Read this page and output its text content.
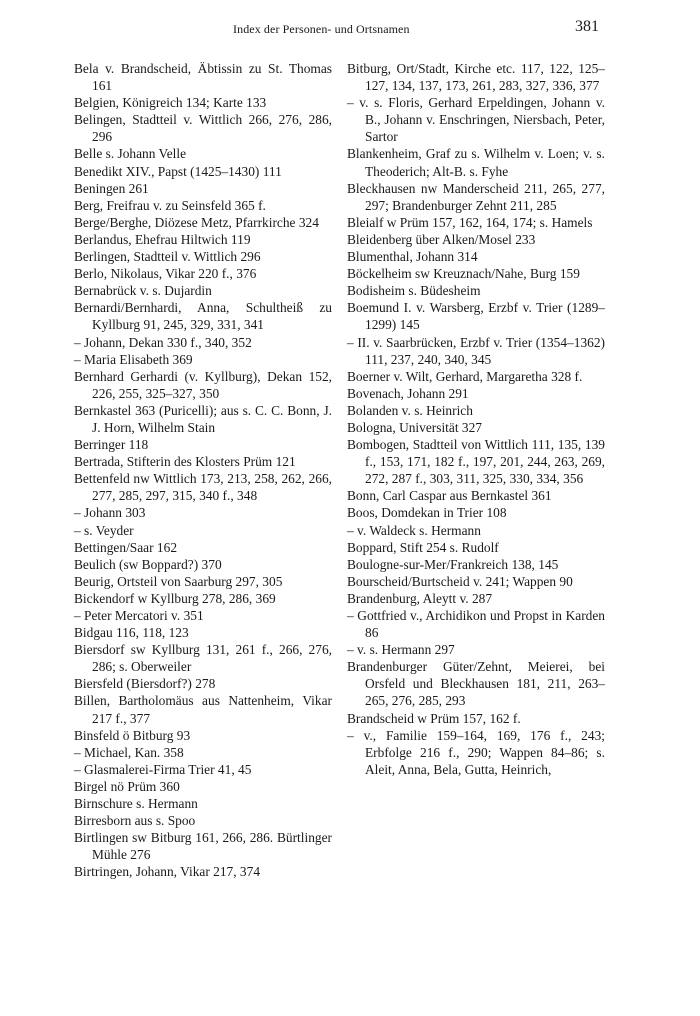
Index der Personen- und Ortsnamen	381

Bela v. Brandscheid, Äbtissin zu St. Thomas 161

Belgien, Königreich 134; Karte 133

Belingen, Stadtteil v. Wittlich 266, 276, 286, 296

Belle s. Johann Velle

Benedikt XIV., Papst (1425–1430) 111

Beningen 261

Berg, Freifrau v. zu Seinsfeld 365 f.

Berge/Berghe, Diözese Metz, Pfarrkirche 324

Berlandus, Ehefrau Hiltwich 119

Berlingen, Stadtteil v. Wittlich 296

Berlo, Nikolaus, Vikar 220 f., 376

Bernabrück v. s. Dujardin

Bernardi/Bernhardi, Anna, Schultheiß zu Kyllburg 91, 245, 329, 331, 341

– Johann, Dekan 330 f., 340, 352

– Maria Elisabeth 369

Bernhard Gerhardi (v. Kyllburg), Dekan 152, 226, 255, 325–327, 350

Bernkastel 363 (Puricelli); aus s. C. C. Bonn, J. J. Horn, Wilhelm Stain

Berringer 118

Bertrada, Stifterin des Klosters Prüm 121

Bettenfeld nw Wittlich 173, 213, 258, 262, 266, 277, 285, 297, 315, 340 f., 348

– Johann 303

– s. Veyder

Bettingen/Saar 162

Beulich (sw Boppard?) 370

Beurig, Ortsteil von Saarburg 297, 305

Bickendorf w Kyllburg 278, 286, 369

– Peter Mercatori v. 351

Bidgau 116, 118, 123

Biersdorf sw Kyllburg 131, 261 f., 266, 276, 286; s. Oberweiler

Biersfeld (Biersdorf?) 278

Billen, Bartholomäus aus Nattenheim, Vikar 217 f., 377

Binsfeld ö Bitburg 93

– Michael, Kan. 358

– Glasmalerei-Firma Trier 41, 45

Birgel nö Prüm 360

Birnschure s. Hermann

Birresborn aus s. Spoo

Birtlingen sw Bitburg 161, 266, 286. Bürtlinger Mühle 276

Birtringen, Johann, Vikar 217, 374

Bitburg, Ort/Stadt, Kirche etc. 117, 122, 125–127, 134, 137, 173, 261, 283, 327, 336, 377

– v. s. Floris, Gerhard Erpeldingen, Johann v. B., Johann v. Enschringen, Niersbach, Peter, Sartor

Blankenheim, Graf zu s. Wilhelm v. Loen; v. s. Theoderich; Alt-B. s. Fyhe

Bleckhausen nw Manderscheid 211, 265, 277, 297; Brandenburger Zehnt 211, 285

Bleialf w Prüm 157, 162, 164, 174; s. Hamels

Bleidenberg über Alken/Mosel 233

Blumenthal, Johann 314

Böckelheim sw Kreuznach/Nahe, Burg 159

Bodisheim s. Büdesheim

Boemund I. v. Warsberg, Erzbf v. Trier (1289–1299) 145

– II. v. Saarbrücken, Erzbf v. Trier (1354–1362) 111, 237, 240, 340, 345

Boerner v. Wilt, Gerhard, Margaretha 328 f.

Bovenach, Johann 291

Bolanden v. s. Heinrich

Bologna, Universität 327

Bombogen, Stadtteil von Wittlich 111, 135, 139 f., 153, 171, 182 f., 197, 201, 244, 263, 269, 272, 287 f., 303, 311, 325, 330, 334, 356

Bonn, Carl Caspar aus Bernkastel 361

Boos, Domdekan in Trier 108

– v. Waldeck s. Hermann

Boppard, Stift 254 s. Rudolf

Boulogne-sur-Mer/Frankreich 138, 145

Bourscheid/Burtscheid v. 241; Wappen 90

Brandenburg, Aleytt v. 287

– Gottfried v., Archidikon und Propst in Karden 86

– v. s. Hermann 297

Brandenburger Güter/Zehnt, Meierei, bei Orsfeld und Bleckhausen 181, 211, 263–265, 276, 285, 293

Brandscheid w Prüm 157, 162 f.

– v., Familie 159–164, 169, 176 f., 243; Erbfolge 216 f., 290; Wappen 84–86; s. Aleit, Anna, Bela, Gutta, Heinrich,
